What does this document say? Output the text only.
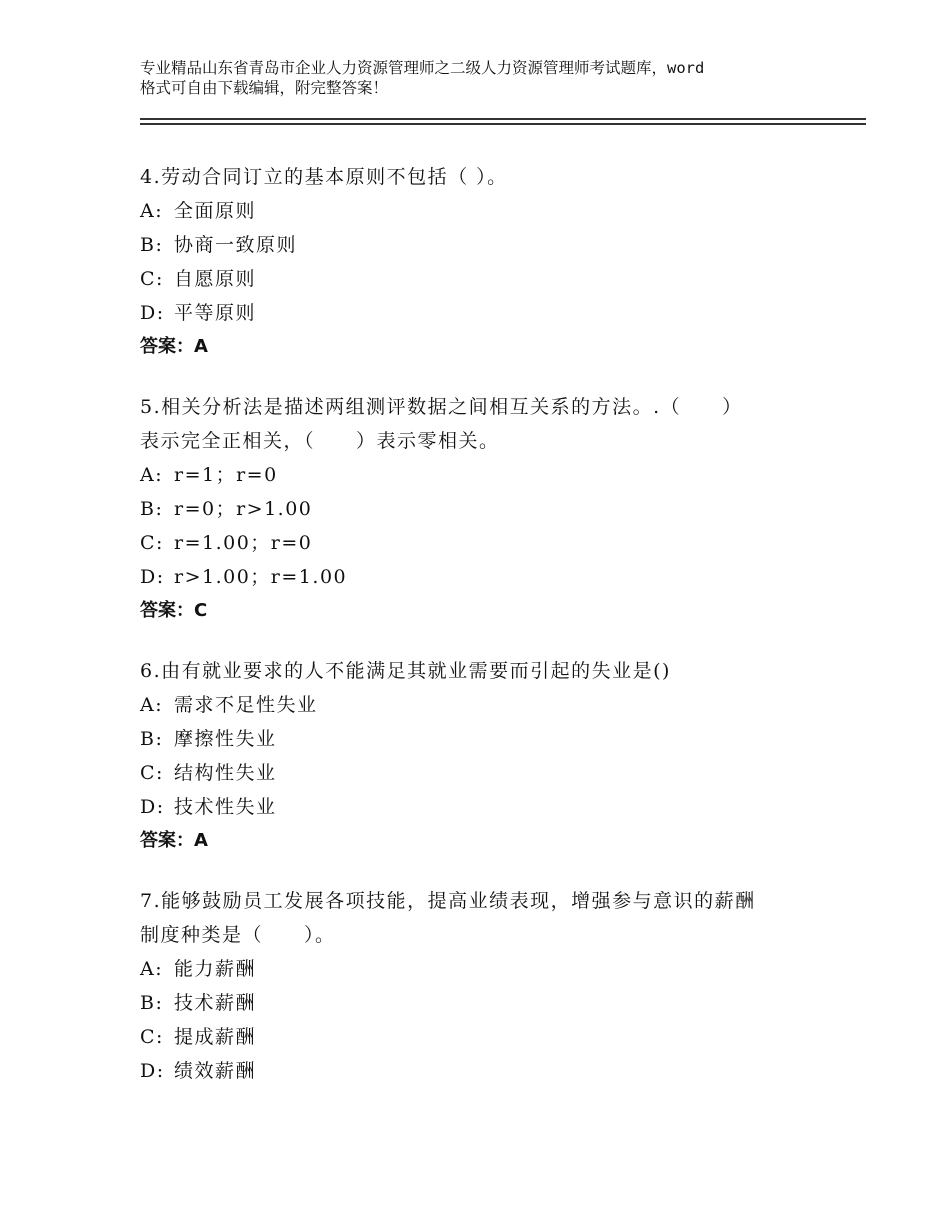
专业精品山东省青岛市企业人力资源管理师之二级人力资源管理师考试题库，word
格式可自由下载编辑，附完整答案！

4.劳动合同订立的基本原则不包括（ ）。

A: 全面原则

B: 协商一致原则

C: 自愿原则

D: 平等原则

答案：A

5.相关分析法是描述两组测评数据之间相互关系的方法。.（　　）

表示完全正相关，（　　）表示零相关。

A: r=1；r=0

B: r=0；r>1.00

C: r=1.00；r=0

D: r>1.00；r=1.00

答案：C

6.由有就业要求的人不能满足其就业需要而引起的失业是()

A: 需求不足性失业

B: 摩擦性失业

C: 结构性失业

D: 技术性失业

答案：A

7.能够鼓励员工发展各项技能，提高业绩表现，增强参与意识的薪酬

制度种类是（　　）。

A: 能力薪酬

B: 技术薪酬

C: 提成薪酬

D: 绩效薪酬
